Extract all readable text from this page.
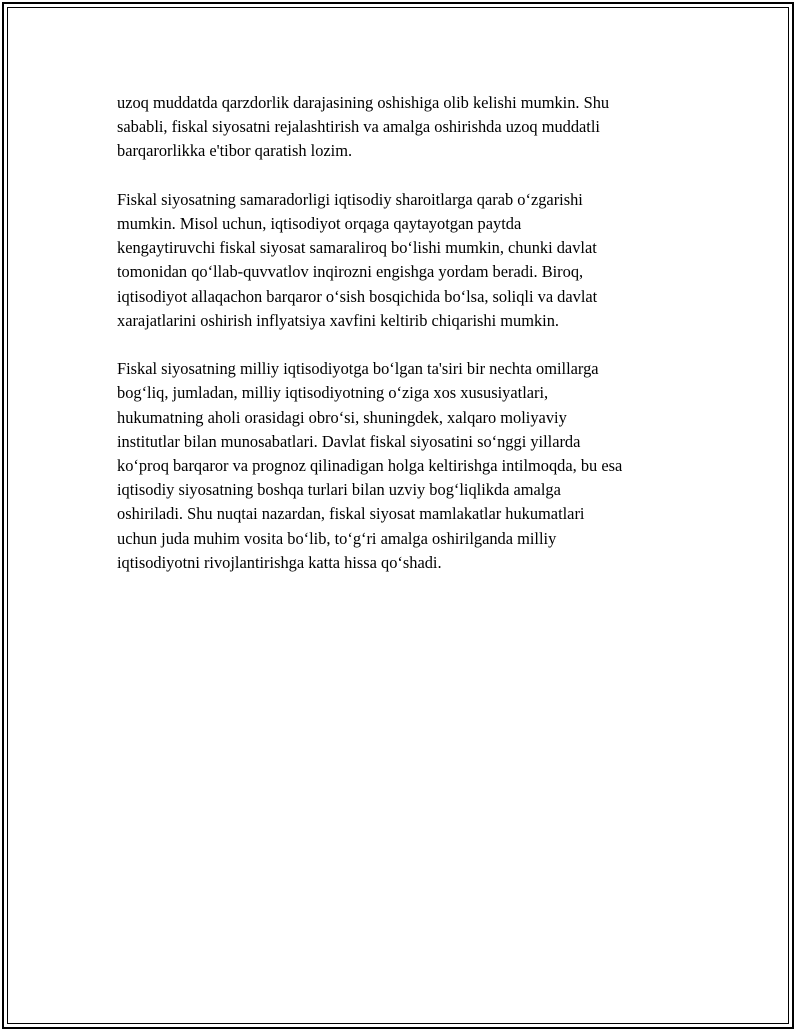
uzoq muddatda qarzdorlik darajasining oshishiga olib kelishi mumkin. Shu
sababli, fiskal siyosatni rejalashtirish va amalga oshirishda uzoq muddatli
barqarorlikka e'tibor qaratish lozim.

Fiskal siyosatning samaradorligi iqtisodiy sharoitlarga qarab o‘zgarishi
mumkin. Misol uchun, iqtisodiyot orqaga qaytayotgan paytda
kengaytiruvchi fiskal siyosat samaraliroq bo‘lishi mumkin, chunki davlat
tomonidan qo‘llab-quvvatlov inqirozni engishga yordam beradi. Biroq,
iqtisodiyot allaqachon barqaror o‘sish bosqichida bo‘lsa, soliqli va davlat
xarajatlarini oshirish inflyatsiya xavfini keltirib chiqarishi mumkin.

Fiskal siyosatning milliy iqtisodiyotga bo‘lgan ta'siri bir nechta omillarga
bog‘liq, jumladan, milliy iqtisodiyotning o‘ziga xos xususiyatlari,
hukumatning aholi orasidagi obro‘si, shuningdek, xalqaro moliyaviy
institutlar bilan munosabatlari. Davlat fiskal siyosatini so‘nggi yillarda
ko‘proq barqaror va prognoz qilinadigan holga keltirishga intilmoqda, bu esa
iqtisodiy siyosatning boshqa turlari bilan uzviy bog‘liqlikda amalga
oshiriladi. Shu nuqtai nazardan, fiskal siyosat mamlakatlar hukumatlari
uchun juda muhim vosita bo‘lib, to‘g‘ri amalga oshirilganda milliy
iqtisodiyotni rivojlantirishga katta hissa qo‘shadi.
